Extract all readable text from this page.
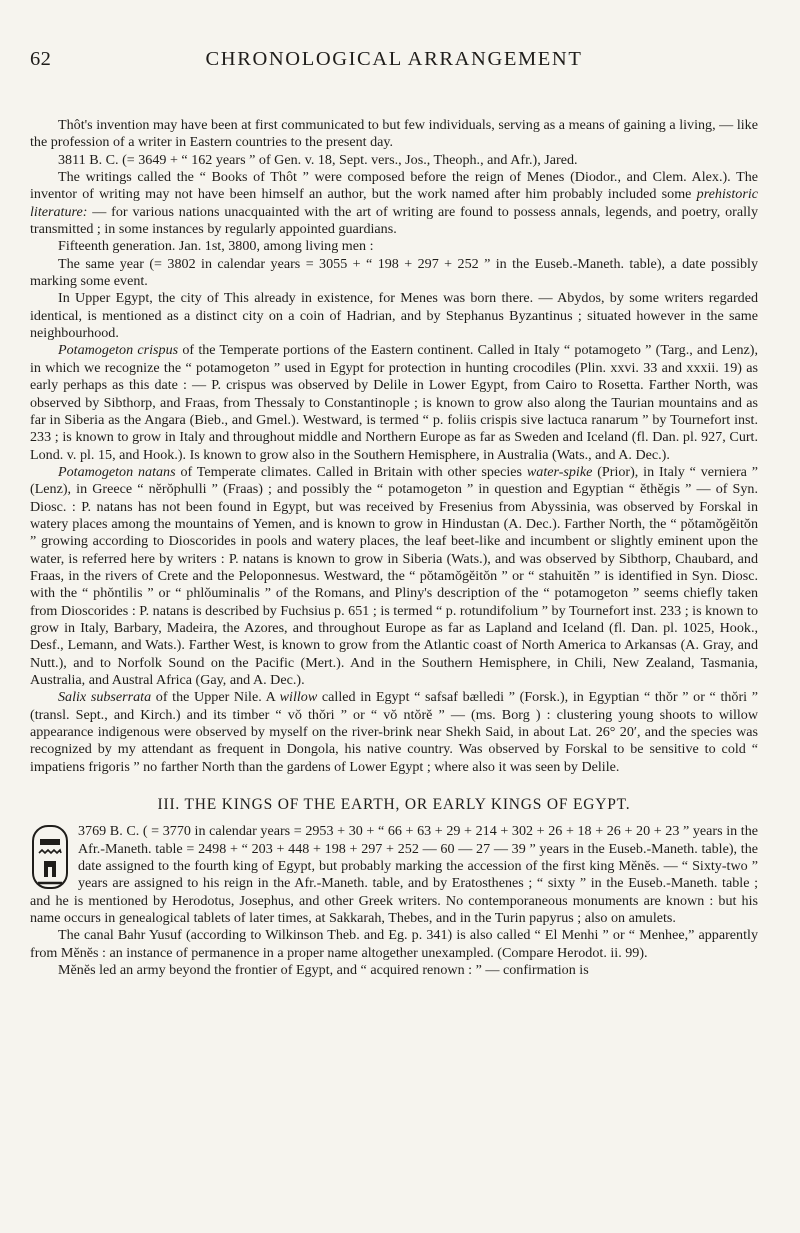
62	CHRONOLOGICAL ARRANGEMENT

Thôt's invention may have been at first communicated to but few individuals, serving as a means of gaining a living, — like the profession of a writer in Eastern countries to the present day.

3811 B. C. (= 3649 + “ 162 years ” of Gen. v. 18, Sept. vers., Jos., Theoph., and Afr.), Jared.

The writings called the “ Books of Thôt ” were composed before the reign of Menes (Diodor., and Clem. Alex.). The inventor of writing may not have been himself an author, but the work named after him probably included some prehistoric literature: — for various nations unacquainted with the art of writing are found to possess annals, legends, and poetry, orally transmitted ; in some instances by regularly appointed guardians.

Fifteenth generation. Jan. 1st, 3800, among living men :

The same year (= 3802 in calendar years = 3055 + “ 198 + 297 + 252 ” in the Euseb.-Maneth. table), a date possibly marking some event.

In Upper Egypt, the city of This already in existence, for Menes was born there. — Abydos, by some writers regarded identical, is mentioned as a distinct city on a coin of Hadrian, and by Stephanus Byzantinus ; situated however in the same neighbourhood.

Potamogeton crispus of the Temperate portions of the Eastern continent. Called in Italy “ potamogeto ” (Targ., and Lenz), in which we recognize the “ potamogeton ” used in Egypt for protection in hunting crocodiles (Plin. xxvi. 33 and xxxii. 19) as early perhaps as this date : — P. crispus was observed by Delile in Lower Egypt, from Cairo to Rosetta. Farther North, was observed by Sibthorp, and Fraas, from Thessaly to Constantinople ; is known to grow also along the Taurian mountains and as far in Siberia as the Angara (Bieb., and Gmel.). Westward, is termed “ p. foliis crispis sive lactuca ranarum ” by Tournefort inst. 233 ; is known to grow in Italy and throughout middle and Northern Europe as far as Sweden and Iceland (fl. Dan. pl. 927, Curt. Lond. v. pl. 15, and Hook.). Is known to grow also in the Southern Hemisphere, in Australia (Wats., and A. Dec.).

Potamogeton natans of Temperate climates. Called in Britain with other species water-spike (Prior), in Italy “ verniera ” (Lenz), in Greece “ nĕrŏphulli ” (Fraas) ; and possibly the “ potamogeton ” in question and Egyptian “ ĕthĕgis ” — of Syn. Diosc. : P. natans has not been found in Egypt, but was received by Fresenius from Abyssinia, was observed by Forskal in watery places among the mountains of Yemen, and is known to grow in Hindustan (A. Dec.). Farther North, the “ pŏtamŏgĕitŏn ” growing according to Dioscorides in pools and watery places, the leaf beet-like and incumbent or slightly eminent upon the water, is referred here by writers : P. natans is known to grow in Siberia (Wats.), and was observed by Sibthorp, Chaubard, and Fraas, in the rivers of Crete and the Peloponnesus. Westward, the “ pŏtamŏgĕitŏn ” or “ stahuitĕn ” is identified in Syn. Diosc. with the “ phŏntilis ” or “ phlŏuminalis ” of the Romans, and Pliny's description of the “ potamogeton ” seems chiefly taken from Dioscorides : P. natans is described by Fuchsius p. 651 ; is termed “ p. rotundifolium ” by Tournefort inst. 233 ; is known to grow in Italy, Barbary, Madeira, the Azores, and throughout Europe as far as Lapland and Iceland (fl. Dan. pl. 1025, Hook., Desf., Lemann, and Wats.). Farther West, is known to grow from the Atlantic coast of North America to Arkansas (A. Gray, and Nutt.), and to Norfolk Sound on the Pacific (Mert.). And in the Southern Hemisphere, in Chili, New Zealand, Tasmania, Australia, and Austral Africa (Gay, and A. Dec.).

Salix subserrata of the Upper Nile. A willow called in Egypt “ safsaf bælledi ” (Forsk.), in Egyptian “ thŏr ” or “ thŏri ” (transl. Sept., and Kirch.) and its timber “ vŏ thŏri ” or “ vŏ ntŏrĕ ” — (ms. Borg ) : clustering young shoots to willow appearance indigenous were observed by myself on the river-brink near Shekh Said, in about Lat. 26° 20′, and the species was recognized by my attendant as frequent in Dongola, his native country. Was observed by Forskal to be sensitive to cold “ impatiens frigoris ” no farther North than the gardens of Lower Egypt ; where also it was seen by Delile.

III. THE KINGS OF THE EARTH, OR EARLY KINGS OF EGYPT.

3769 B. C. ( = 3770 in calendar years = 2953 + 30 + “ 66 + 63 + 29 + 214 + 302 + 26 + 18 + 26 + 20 + 23 ” years in the Afr.-Maneth. table = 2498 + “ 203 + 448 + 198 + 297 + 252 — 60 — 27 — 39 ” years in the Euseb.-Maneth. table), the date assigned to the fourth king of Egypt, but probably marking the accession of the first king Mĕnĕs. — “ Sixty-two ” years are assigned to his reign in the Afr.-Maneth. table, and by Eratosthenes ; “ sixty ” in the Euseb.-Maneth. table ; and he is mentioned by Herodotus, Josephus, and other Greek writers. No contemporaneous monuments are known : but his name occurs in genealogical tablets of later times, at Sakkarah, Thebes, and in the Turin papyrus ; also on amulets.

The canal Bahr Yusuf (according to Wilkinson Theb. and Eg. p. 341) is also called “ El Menhi ” or “ Menhee,” apparently from Mĕnĕs : an instance of permanence in a proper name altogether unexampled. (Compare Herodot. ii. 99).

Mĕnĕs led an army beyond the frontier of Egypt, and “ acquired renown : ” — confirmation is
